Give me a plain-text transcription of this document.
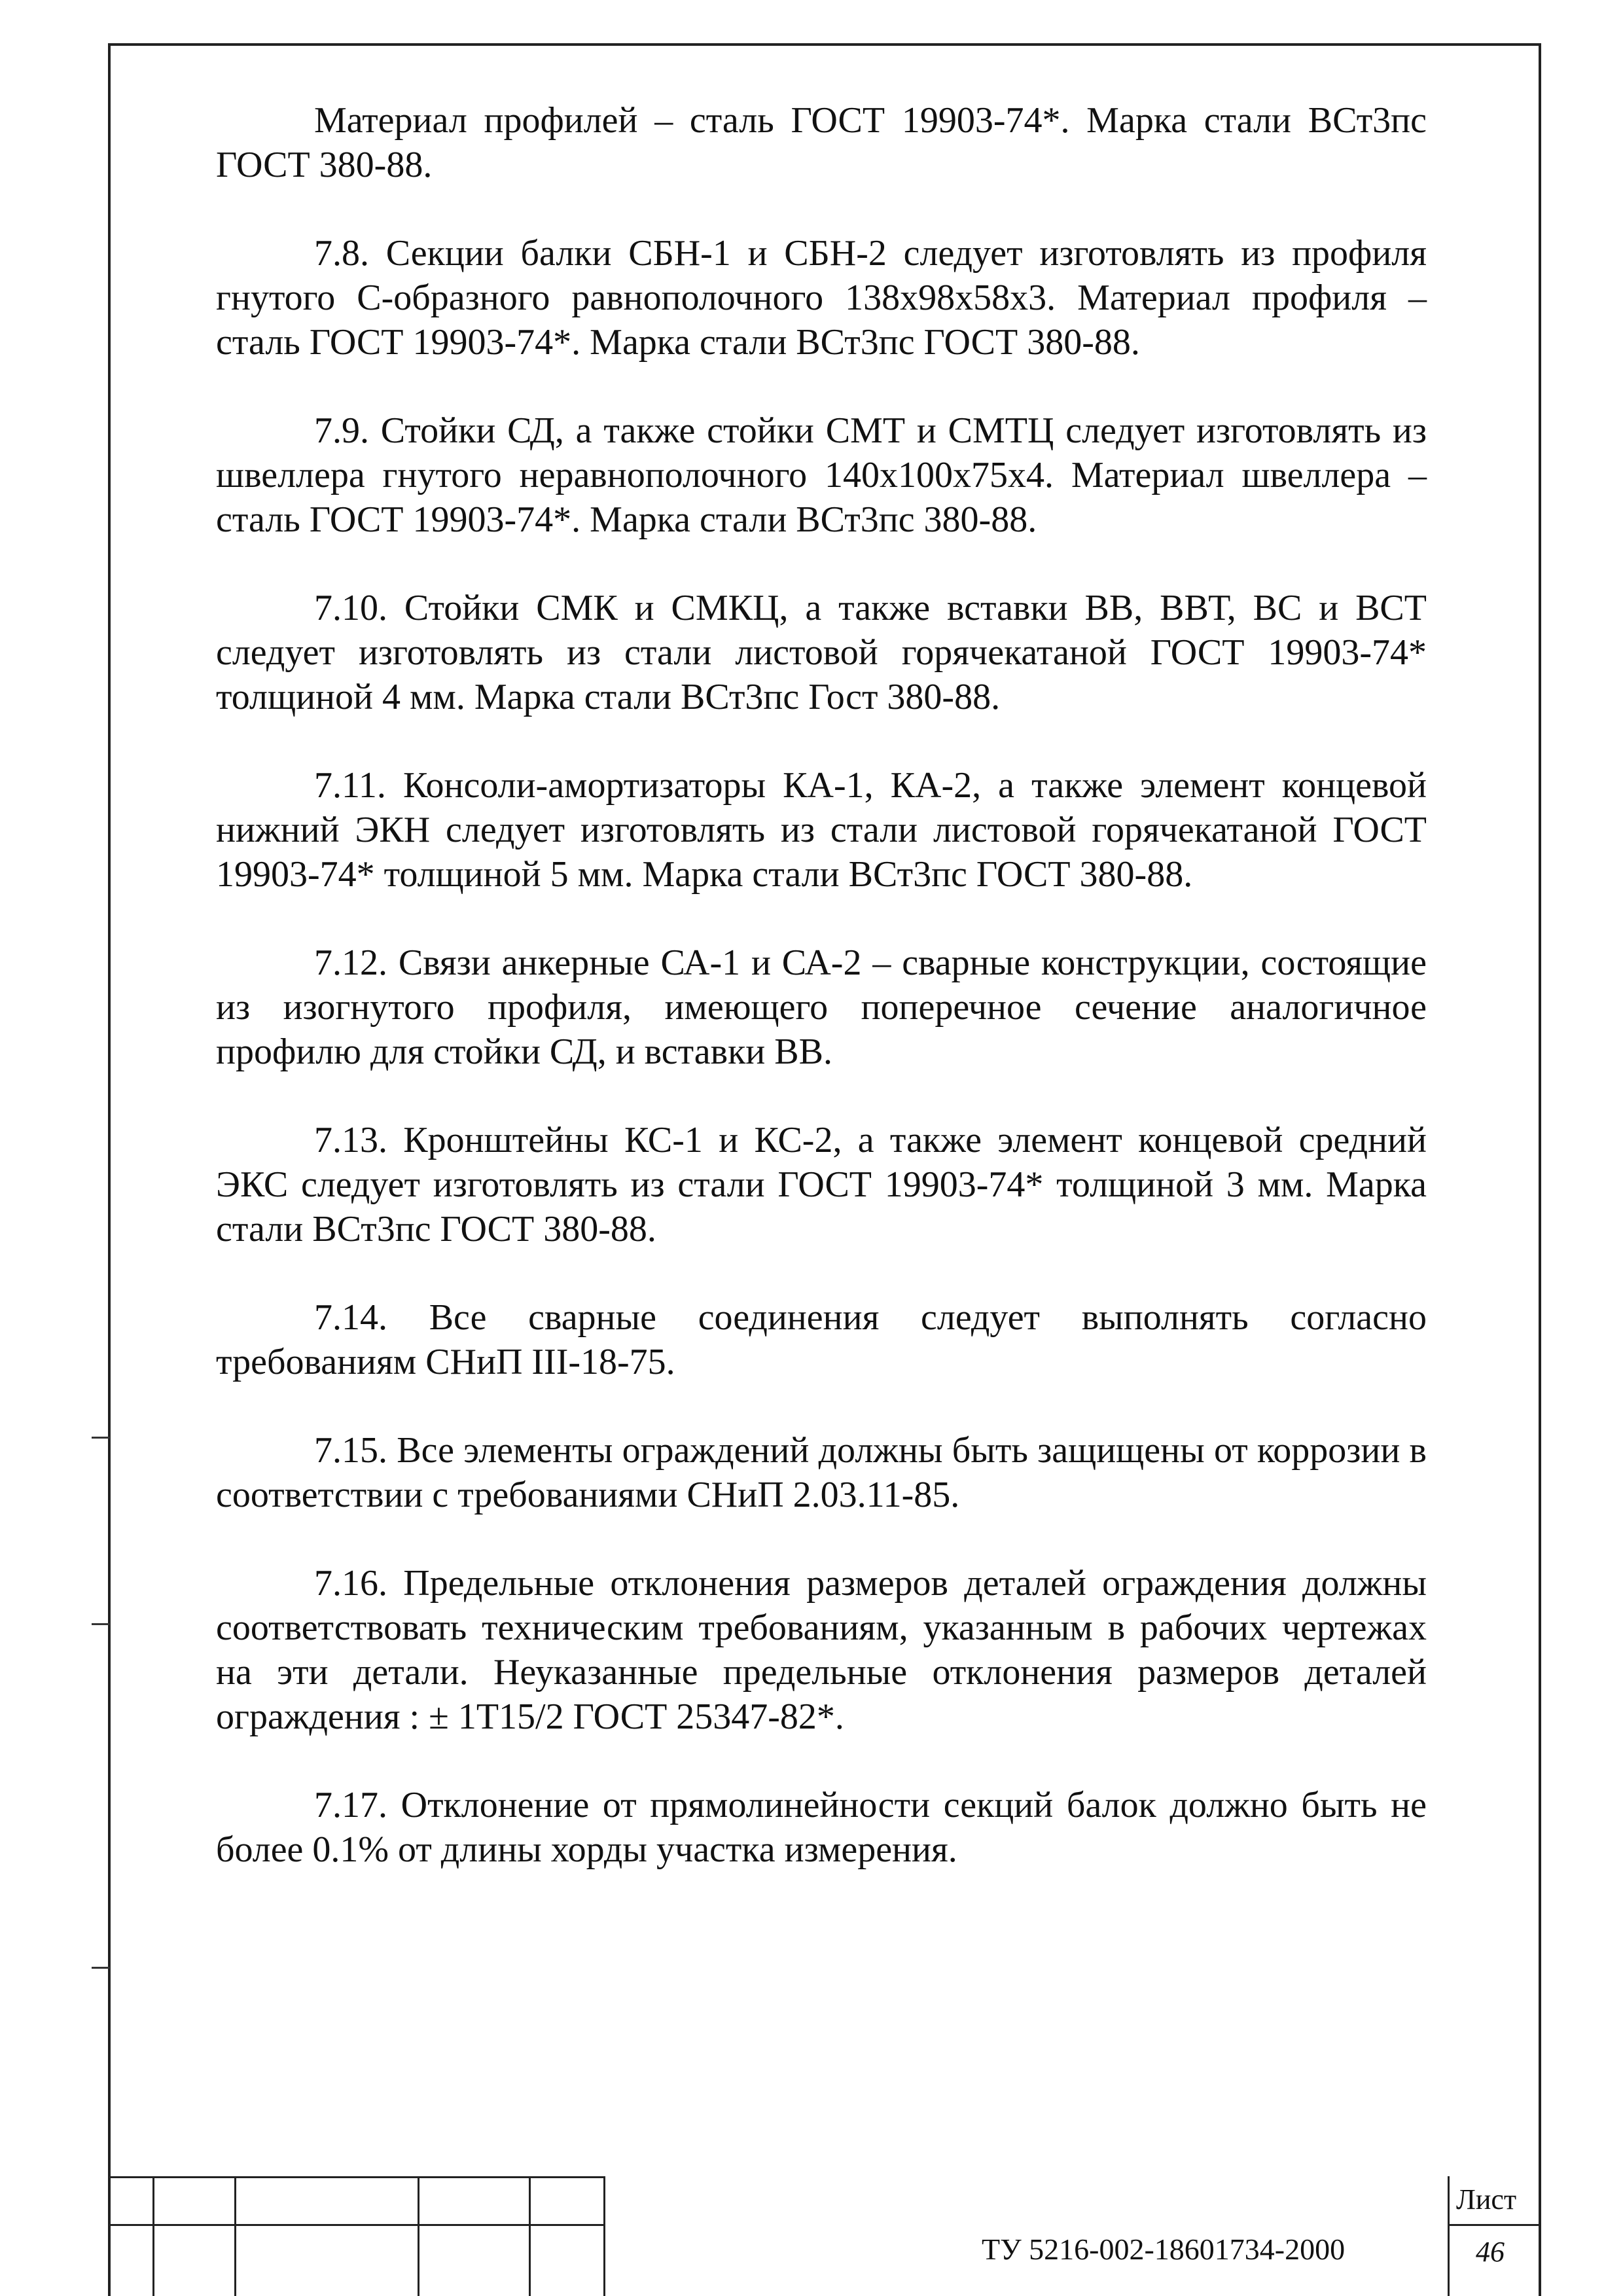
Материал профилей – сталь ГОСТ 19903-74*. Марка стали ВСт3пс ГОСТ 380-88.

7.8. Секции балки СБН-1 и СБН-2 следует изготовлять из профиля гнутого С-образного равнополочного 138х98х58х3. Материал профиля – сталь ГОСТ 19903-74*. Марка стали ВСт3пс ГОСТ 380-88.

7.9. Стойки СД, а также стойки СМТ и СМТЦ следует изготовлять из швеллера гнутого неравнополочного 140х100х75х4. Материал швеллера – сталь ГОСТ 19903-74*. Марка стали ВСт3пс 380-88.

7.10. Стойки СМК и СМКЦ, а также вставки ВВ, ВВТ, ВС и ВСТ следует изготовлять из стали листовой горячекатаной ГОСТ 19903-74* толщиной 4 мм. Марка стали ВСт3пс Гост 380-88.

7.11. Консоли-амортизаторы КА-1, КА-2, а также элемент концевой нижний ЭКН следует изготовлять из стали листовой горячекатаной ГОСТ 19903-74* толщиной 5 мм. Марка стали ВСт3пс ГОСТ 380-88.

7.12. Связи анкерные СА-1 и СА-2 – сварные конструкции, состоящие из изогнутого профиля, имеющего поперечное сечение аналогичное профилю для стойки СД, и вставки ВВ.

7.13. Кронштейны КС-1 и КС-2, а также элемент концевой средний ЭКС следует изготовлять из стали ГОСТ 19903-74* толщиной 3 мм. Марка стали ВСт3пс ГОСТ 380-88.

7.14. Все сварные соединения следует выполнять согласно требованиям СНиП III-18-75.

7.15. Все элементы ограждений должны быть защищены от коррозии в соответствии с требованиями СНиП 2.03.11-85.

7.16. Предельные отклонения размеров деталей ограждения должны соответствовать техническим требованиям, указанным в рабочих чертежах на эти детали. Неуказанные предельные отклонения размеров деталей ограждения : ± 1Т15/2 ГОСТ 25347-82*.

7.17. Отклонение от прямолинейности секций балок должно быть не более 0.1% от длины хорды участка измерения.

ТУ 5216-002-18601734-2000
Лист
46
